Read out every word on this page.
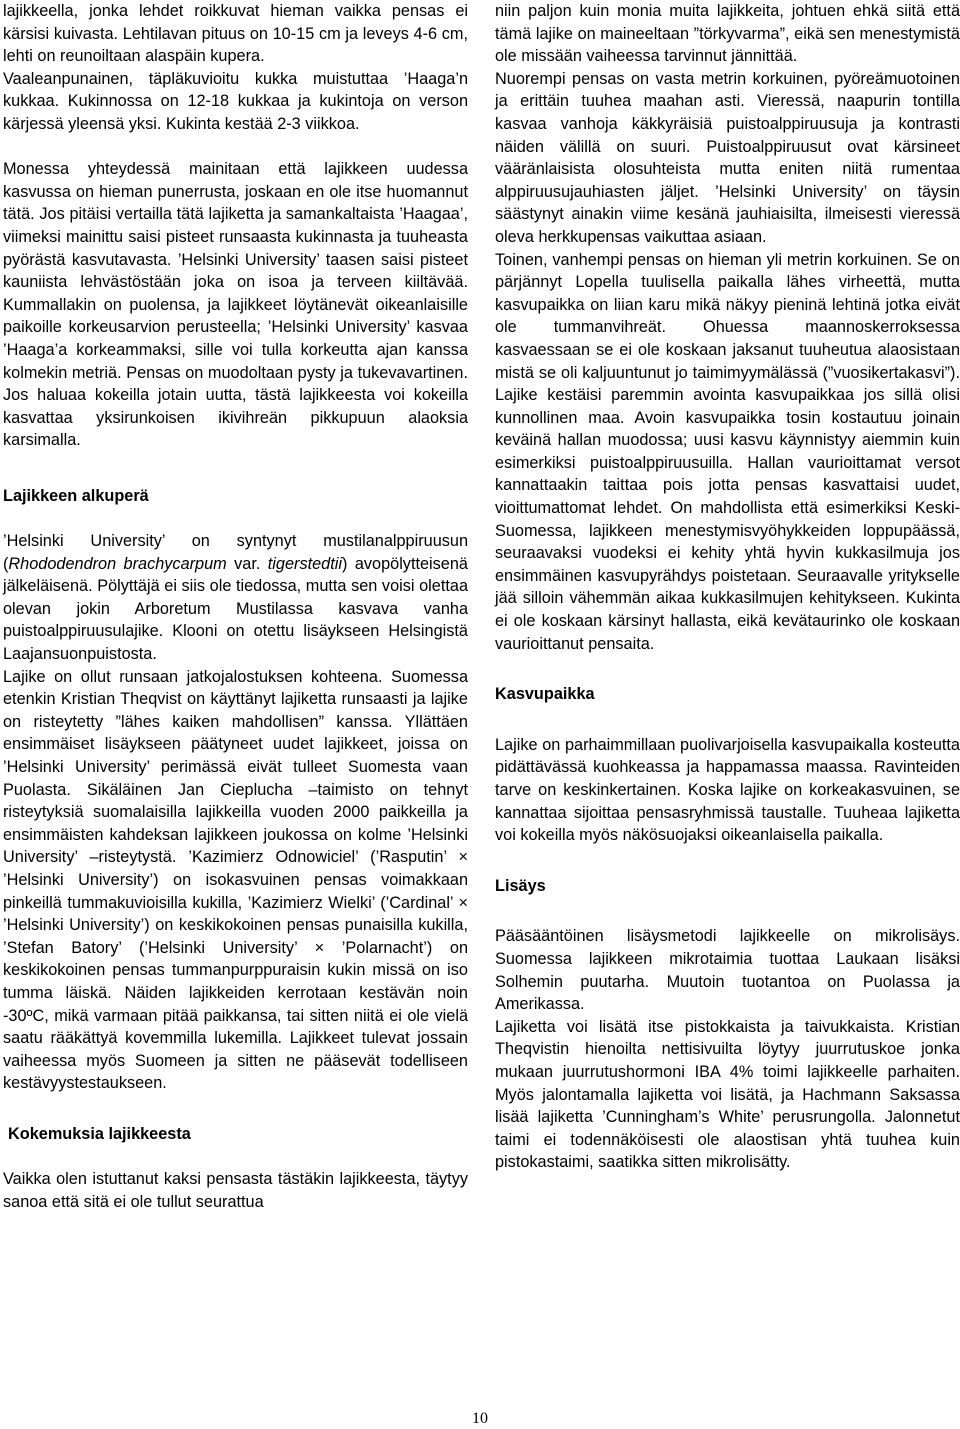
lajikkeella, jonka lehdet roikkuvat hieman vaikka pensas ei kärsisi kuivasta. Lehtilavan pituus on 10-15 cm ja leveys 4-6 cm, lehti on reunoiltaan alaspäin kupera.

Vaaleanpunainen, täpläkuvioitu kukka muistuttaa ’Haaga’n kukkaa. Kukinnossa on 12-18 kukkaa ja kukintoja on verson kärjessä yleensä yksi. Kukinta kestää 2-3 viikkoa.

Monessa yhteydessä mainitaan että lajikkeen uudessa kasvussa on hieman punerrusta, joskaan en ole itse huomannut tätä. Jos pitäisi vertailla tätä lajiketta ja samankaltaista ’Haagaa’, viimeksi mainittu saisi pisteet runsaasta kukinnasta ja tuuheasta pyörästä kasvutavasta. ’Helsinki University’ taasen saisi pisteet kauniista lehvästöstään joka on isoa ja terveen kiiltävää. Kummallakin on puolensa, ja lajikkeet löytänevät oikeanlaisille paikoille korkeusarvion perusteella; ’Helsinki University’ kasvaa ’Haaga’a korkeammaksi, sille voi tulla korkeutta ajan kanssa kolmekin metriä. Pensas on muodoltaan pysty ja tukevavartinen. Jos haluaa kokeilla jotain uutta, tästä lajikkeesta voi kokeilla kasvattaa yksirunkoisen ikivihreän pikkupuun alaoksia karsimalla.

Lajikkeen alkuperä

’Helsinki University’ on syntynyt mustilanalppiruusun (Rhododendron brachycarpum var. tigerstedtii) avopölytteisenä jälkeläisenä. Pölyttäjä ei siis ole tiedossa, mutta sen voisi olettaa olevan jokin Arboretum Mustilassa kasvava vanha puistoalppiruusulajike. Klooni on otettu lisäykseen Helsingistä Laajansuonpuistosta.

Lajike on ollut runsaan jatkojalostuksen kohteena. Suomessa etenkin Kristian Theqvist on käyttänyt lajiketta runsaasti ja lajike on risteytetty ”lähes kaiken mahdollisen” kanssa. Yllättäen ensimmäiset lisäykseen päätyneet uudet lajikkeet, joissa on ’Helsinki University’ perimässä eivät tulleet Suomesta vaan Puolasta. Sikäläinen Jan Cieplucha –taimisto on tehnyt risteytyksiä suomalaisilla lajikkeilla vuoden 2000 paikkeilla ja ensimmäisten kahdeksan lajikkeen joukossa on kolme ’Helsinki University’ –risteytystä. ’Kazimierz Odnowiciel’ (’Rasputin’ × ’Helsinki University’) on isokasvuinen pensas voimakkaan pinkeillä tummakuvioisilla kukilla, ’Kazimierz Wielki’ (’Cardinal’ × ’Helsinki University’) on keskikokoinen pensas punaisilla kukilla, ’Stefan Batory’ (’Helsinki University’ × ’Polarnacht’) on keskikokoinen pensas tummanpurppuraisin kukin missä on iso tumma läiskä. Näiden lajikkeiden kerrotaan kestävän noin -30ºC, mikä varmaan pitää paikkansa, tai sitten niitä ei ole vielä saatu rääkättyä kovemmilla lukemilla. Lajikkeet tulevat jossain vaiheessa myös Suomeen ja sitten ne pääsevät todelliseen kestävyystestaukseen.

Kokemuksia lajikkeesta

Vaikka olen istuttanut kaksi pensasta tästäkin lajikkeesta, täytyy sanoa että sitä ei ole tullut seurattua

niin paljon kuin monia muita lajikkeita, johtuen ehkä siitä että tämä lajike on maineeltaan ”törkyvarma”, eikä sen menestymistä ole missään vaiheessa tarvinnut jännittää.

Nuorempi pensas on vasta metrin korkuinen, pyöreämuotoinen ja erittäin tuuhea maahan asti. Vieressä, naapurin tontilla kasvaa vanhoja käkkyräisiä puistoalppiruusuja ja kontrasti näiden välillä on suuri. Puistoalppiruusut ovat kärsineet vääränlaisista olosuhteista mutta eniten niitä rumentaa alppiruusujauhiasten jäljet. ’Helsinki University’ on täysin säästynyt ainakin viime kesänä jauhiaisilta, ilmeisesti vieressä oleva herkkupensas vaikuttaa asiaan.

Toinen, vanhempi pensas on hieman yli metrin korkuinen. Se on pärjännyt Lopella tuulisella paikalla lähes virheettä, mutta kasvupaikka on liian karu mikä näkyy pieninä lehtinä jotka eivät ole tummanvihreät. Ohuessa maannoskerroksessa kasvaessaan se ei ole koskaan jaksanut tuuheutua alaosistaan mistä se oli kaljuuntunut jo taimimyymälässä (”vuosikertakasvi”). Lajike kestäisi paremmin avointa kasvupaikkaa jos sillä olisi kunnollinen maa. Avoin kasvupaikka tosin kostautuu joinain keväinä hallan muodossa; uusi kasvu käynnistyy aiemmin kuin esimerkiksi puistoalppiruusuilla. Hallan vaurioittamat versot kannattaakin taittaa pois jotta pensas kasvattaisi uudet, vioittumattomat lehdet. On mahdollista että esimerkiksi Keski-Suomessa, lajikkeen menestymisvyöhykkeiden loppupäässä, seuraavaksi vuodeksi ei kehity yhtä hyvin kukkasilmuja jos ensimmäinen kasvupyrähdys poistetaan. Seuraavalle yritykselle jää silloin vähemmän aikaa kukkasilmujen kehitykseen. Kukinta ei ole koskaan kärsinyt hallasta, eikä kevätaurinko ole koskaan vaurioittanut pensaita.

Kasvupaikka

Lajike on parhaimmillaan puolivarjoisella kasvupaikalla kosteutta pidättävässä kuohkeassa ja happamassa maassa. Ravinteiden tarve on keskinkertainen. Koska lajike on korkeakasvuinen, se kannattaa sijoittaa pensasryhmissä taustalle. Tuuheaa lajiketta voi kokeilla myös näkösuojaksi oikeanlaisella paikalla.

Lisäys

Pääsääntöinen lisäysmetodi lajikkeelle on mikrolisäys. Suomessa lajikkeen mikrotaimia tuottaa Laukaan lisäksi Solhemin puutarha. Muutoin tuotantoa on Puolassa ja Amerikassa.

Lajiketta voi lisätä itse pistokkaista ja taivukkaista. Kristian Theqvistin hienoilta nettisivuilta löytyy juurrutuskoe jonka mukaan juurrutushormoni IBA 4% toimi lajikkeelle parhaiten. Myös jalontamalla lajiketta voi lisätä, ja Hachmann Saksassa lisää lajiketta ’Cunningham’s White’ perusrungolla. Jalonnetut taimi ei todennäköisesti ole alaostisan yhtä tuuhea kuin pistokastaimi, saatikka sitten mikrolisätty.

10
